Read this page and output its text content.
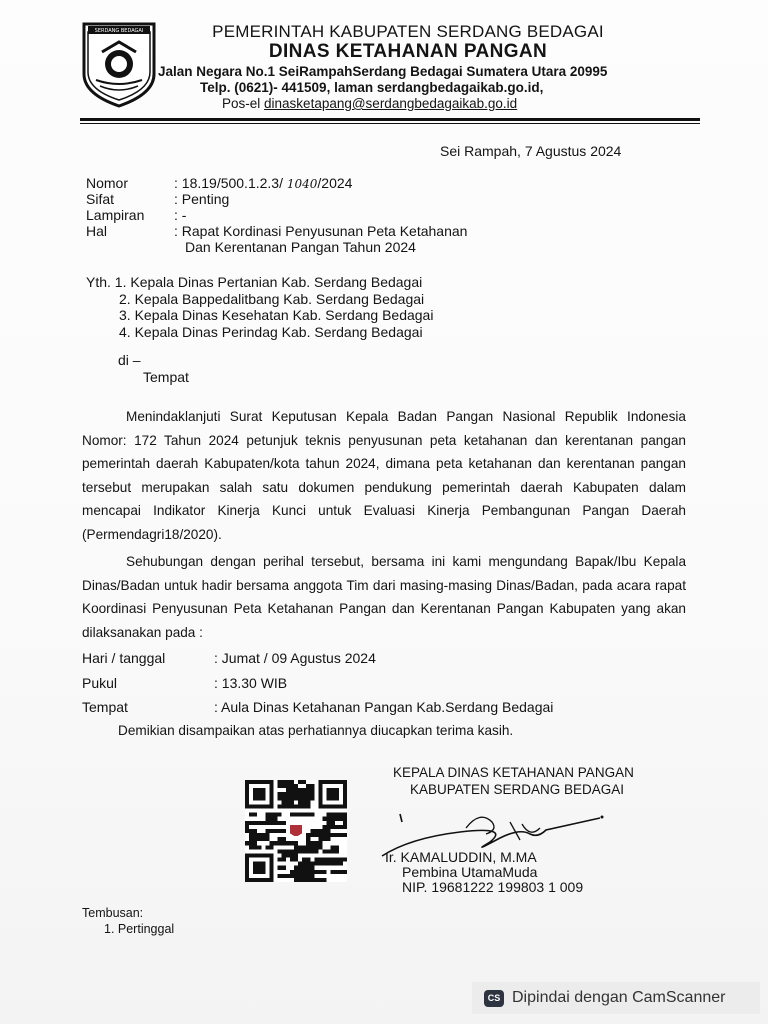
SERDANG BEDAGAI	PEMERINTAH KABUPATEN SERDANG BEDAGAI
DINAS KETAHANAN PANGAN
Jalan Negara No.1 SeiRampahSerdang Bedagai Sumatera Utara 20995
Telp. (0621)- 441509, laman serdangbedagaikab.go.id,
Pos-el dinasketapang@serdangbedagaikab.go.id
Sei Rampah, 7 Agustus 2024
Nomor	: 18.19/500.1.2.3/ 1040/2024
Sifat	: Penting
Lampiran : -
Hal	: Rapat Kordinasi Penyusunan Peta Ketahanan
Dan Kerentanan Pangan Tahun 2024
Yth. 1. Kepala Dinas Pertanian Kab. Serdang Bedagai
2. Kepala Bappedalitbang Kab. Serdang Bedagai
3. Kepala Dinas Kesehatan Kab. Serdang Bedagai
4. Kepala Dinas Perindag Kab. Serdang Bedagai
di –
Tempat

Menindaklanjuti Surat Keputusan Kepala Badan Pangan Nasional Republik Indonesia Nomor: 172 Tahun 2024 petunjuk teknis penyusunan peta ketahanan dan kerentanan pangan pemerintah daerah Kabupaten/kota tahun 2024, dimana peta ketahanan dan kerentanan pangan tersebut merupakan salah satu dokumen pendukung pemerintah daerah Kabupaten dalam mencapai Indikator Kinerja Kunci untuk Evaluasi Kinerja Pembangunan Pangan Daerah (Permendagri18/2020).

Sehubungan dengan perihal tersebut, bersama ini kami mengundang Bapak/Ibu Kepala Dinas/Badan untuk hadir bersama anggota Tim dari masing-masing Dinas/Badan, pada acara rapat Koordinasi Penyusunan Peta Ketahanan Pangan dan Kerentanan Pangan Kabupaten yang akan dilaksanakan pada :

Hari / tanggal	: Jumat / 09 Agustus 2024
Pukul	: 13.30 WIB
Tempat	: Aula Dinas Ketahanan Pangan Kab.Serdang Bedagai
Demikian disampaikan atas perhatiannya diucapkan terima kasih.
KEPALA DINAS KETAHANAN PANGAN
KABUPATEN SERDANG BEDAGAI
Ir. KAMALUDDIN, M.MA
Pembina UtamaMuda
NIP. 19681222 199803 1 009
Tembusan:
1. Pertinggal
CS Dipindai dengan CamScanner
